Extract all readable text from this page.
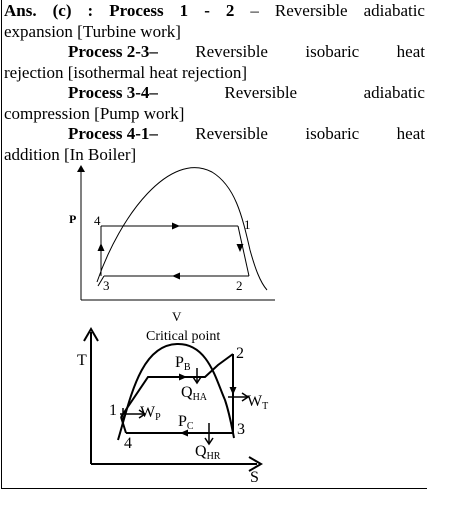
Ans. (c) : Process 1 - 2 – Reversible adiabatic
expansion [Turbine work]
Process 2-3– Reversible isobaric heat
rejection [isothermal heat rejection]
Process 3-4–	Reversible	adiabatic
compression [Pump work]
Process 4-1– Reversible isobaric heat
addition [In Boiler]
P
V
4	1
3	2
T
S
Critical point
2
3
1
4
PB
QHA WT
WP PC
QHR
